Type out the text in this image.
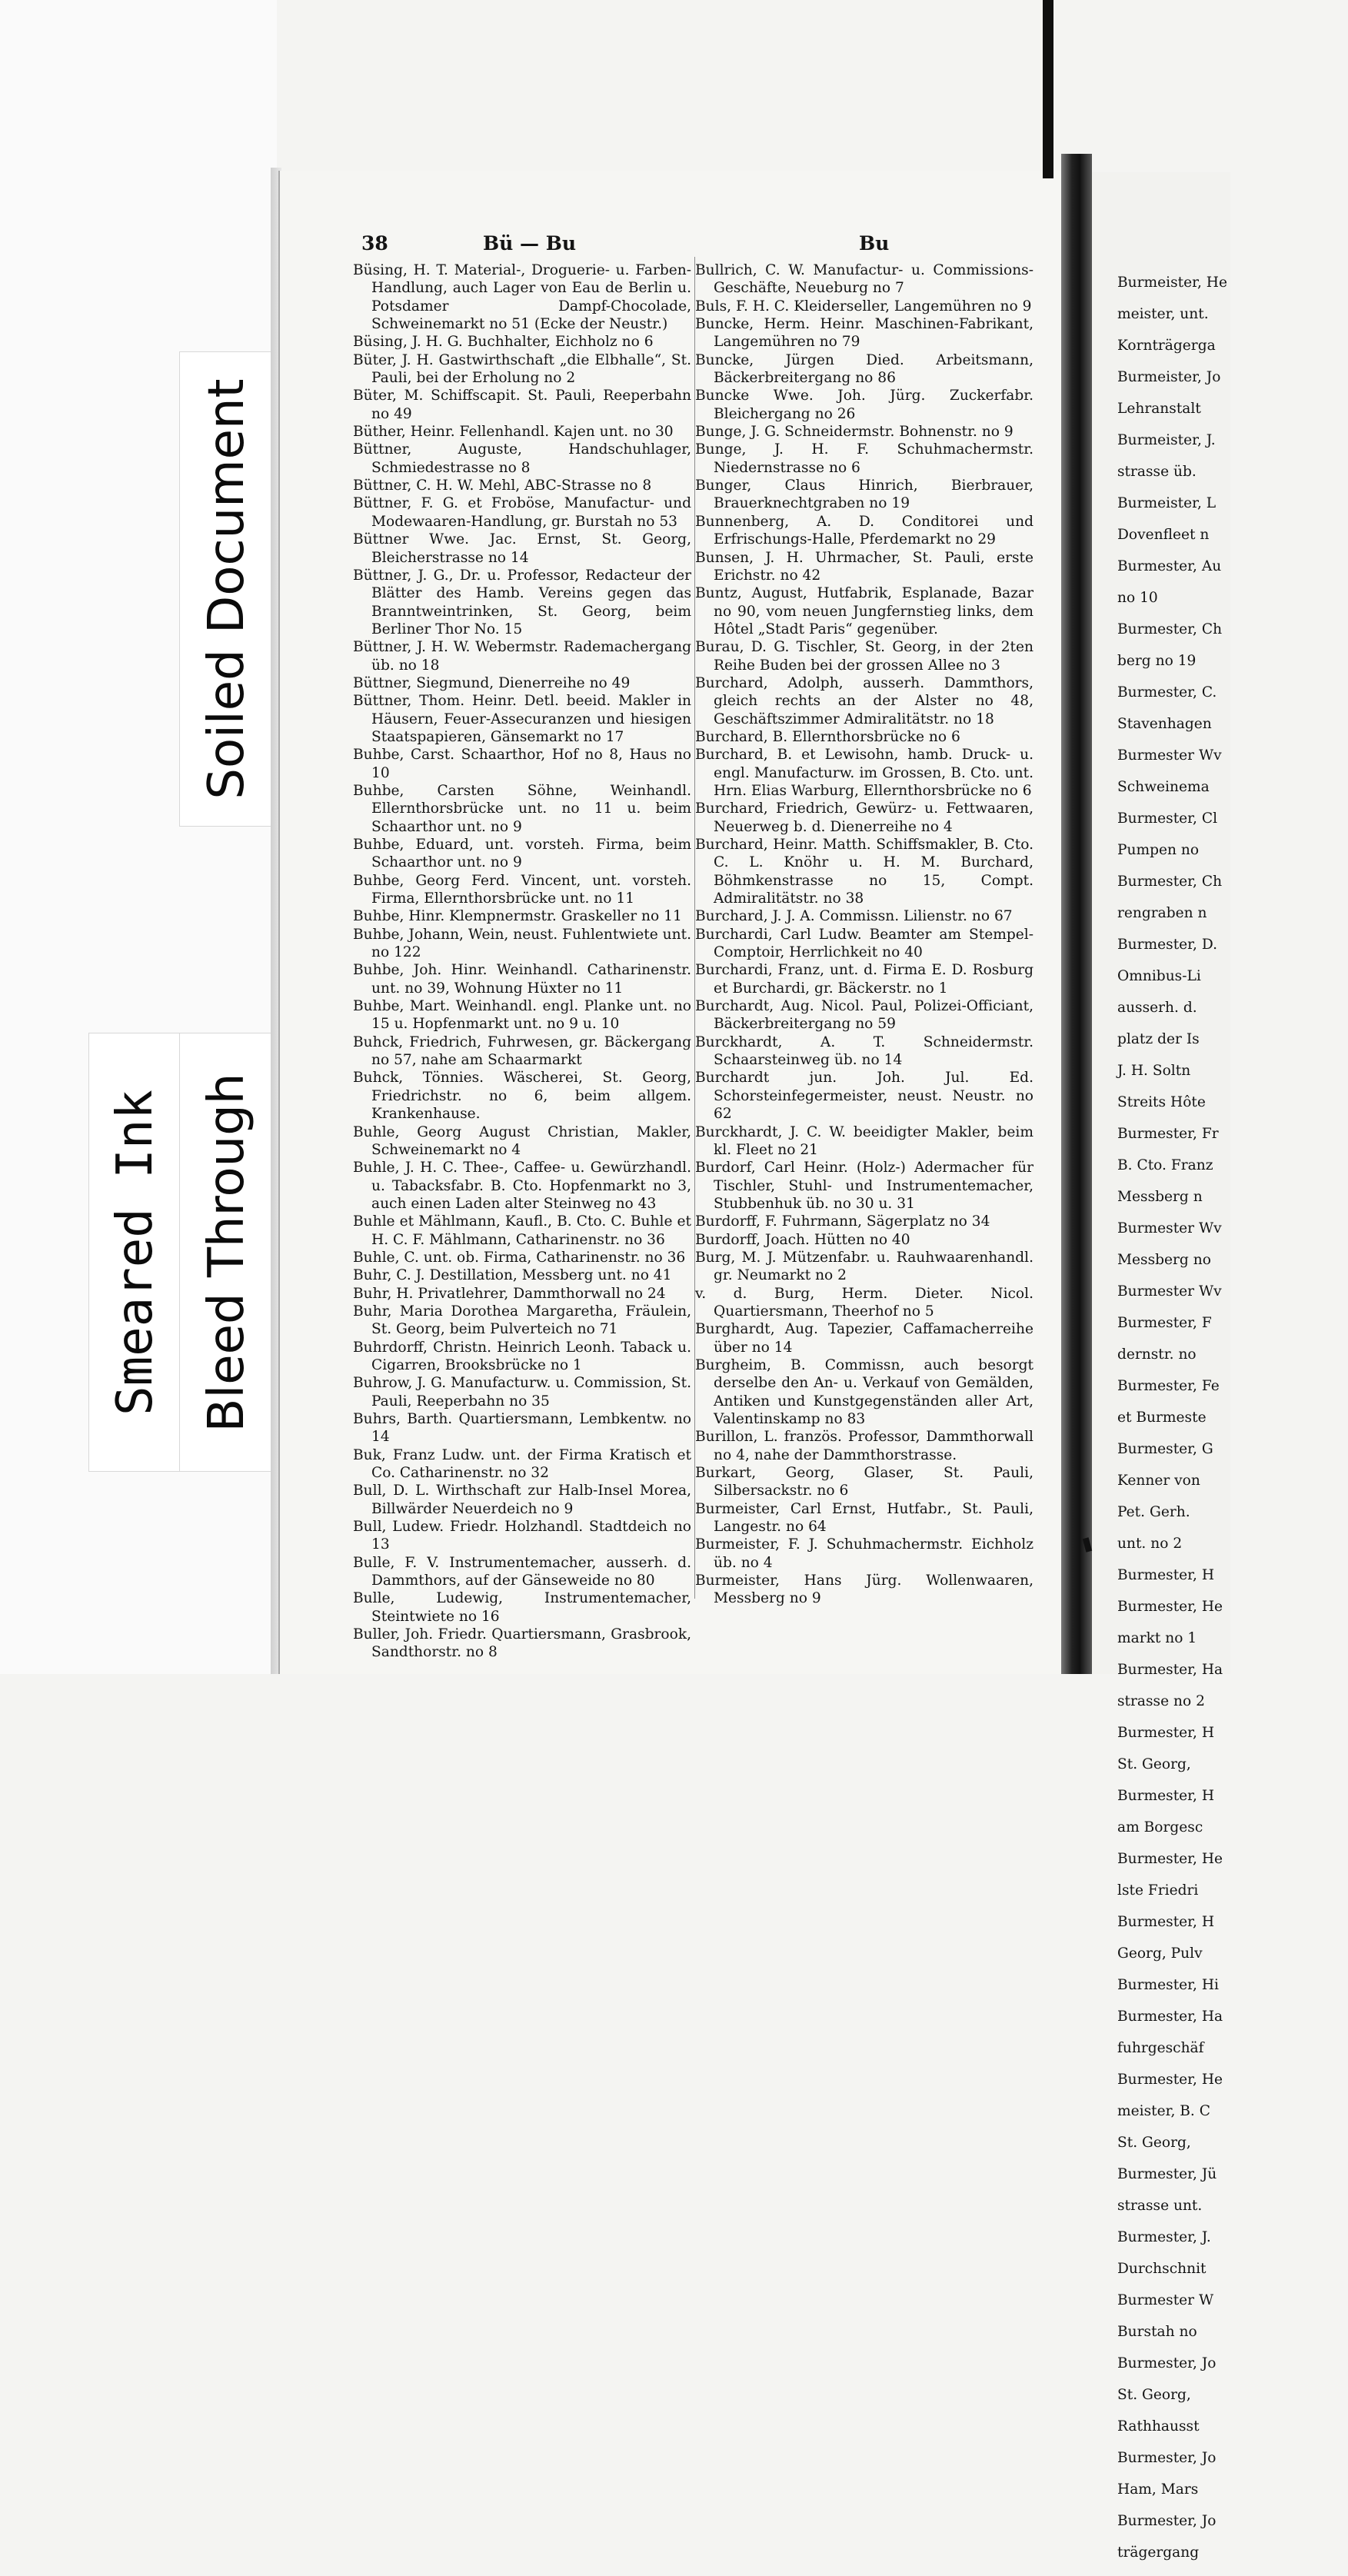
Soiled Document
Smeared Ink Bleed Through
38	Bü — Bu	Bu

Büsing, H. T. Material-, Droguerie- u. Farben-Handlung, auch Lager von Eau de Berlin u. Potsdamer Dampf-Chocolade, Schweinemarkt no 51 (Ecke der Neustr.)

Büsing, J. H. G. Buchhalter, Eichholz no 6

Büter, J. H. Gastwirthschaft „die Elbhalle“, St. Pauli, bei der Erholung no 2

Büter, M. Schiffscapit. St. Pauli, Reeperbahn no 49

Büther, Heinr. Fellenhandl. Kajen unt. no 30

Büttner, Auguste, Handschuhlager, Schmiedestrasse no 8

Büttner, C. H. W. Mehl, ABC-Strasse no 8

Büttner, F. G. et Froböse, Manufactur- und Modewaaren-Handlung, gr. Burstah no 53

Büttner Wwe. Jac. Ernst, St. Georg, Bleicherstrasse no 14

Büttner, J. G., Dr. u. Professor, Redacteur der Blätter des Hamb. Vereins gegen das Branntweintrinken, St. Georg, beim Berliner Thor No. 15

Büttner, J. H. W. Webermstr. Rademachergang üb. no 18

Büttner, Siegmund, Dienerreihe no 49

Büttner, Thom. Heinr. Detl. beeid. Makler in Häusern, Feuer-Assecuranzen und hiesigen Staatspapieren, Gänsemarkt no 17

Buhbe, Carst. Schaarthor, Hof no 8, Haus no 10

Buhbe, Carsten Söhne, Weinhandl. Ellernthorsbrücke unt. no 11 u. beim Schaarthor unt. no 9

Buhbe, Eduard, unt. vorsteh. Firma, beim Schaarthor unt. no 9

Buhbe, Georg Ferd. Vincent, unt. vorsteh. Firma, Ellernthorsbrücke unt. no 11

Buhbe, Hinr. Klempnermstr. Graskeller no 11

Buhbe, Johann, Wein, neust. Fuhlentwiete unt. no 122

Buhbe, Joh. Hinr. Weinhandl. Catharinenstr. unt. no 39, Wohnung Hüxter no 11

Buhbe, Mart. Weinhandl. engl. Planke unt. no 15 u. Hopfenmarkt unt. no 9 u. 10

Buhck, Friedrich, Fuhrwesen, gr. Bäckergang no 57, nahe am Schaarmarkt

Buhck, Tönnies. Wäscherei, St. Georg, Friedrichstr. no 6, beim allgem. Krankenhause.

Buhle, Georg August Christian, Makler, Schweinemarkt no 4

Buhle, J. H. C. Thee-, Caffee- u. Gewürzhandl. u. Tabacksfabr. B. Cto. Hopfenmarkt no 3, auch einen Laden alter Steinweg no 43

Buhle et Mählmann, Kaufl., B. Cto. C. Buhle et H. C. F. Mählmann, Catharinenstr. no 36

Buhle, C. unt. ob. Firma, Catharinenstr. no 36

Buhr, C. J. Destillation, Messberg unt. no 41

Buhr, H. Privatlehrer, Dammthorwall no 24

Buhr, Maria Dorothea Margaretha, Fräulein, St. Georg, beim Pulverteich no 71

Buhrdorff, Christn. Heinrich Leonh. Taback u. Cigarren, Brooksbrücke no 1

Buhrow, J. G. Manufacturw. u. Commission, St. Pauli, Reeperbahn no 35

Buhrs, Barth. Quartiersmann, Lembkentw. no 14

Buk, Franz Ludw. unt. der Firma Kratisch et Co. Catharinenstr. no 32

Bull, D. L. Wirthschaft zur Halb-Insel Morea, Billwärder Neuerdeich no 9

Bull, Ludew. Friedr. Holzhandl. Stadtdeich no 13

Bulle, F. V. Instrumentemacher, ausserh. d. Dammthors, auf der Gänseweide no 80

Bulle, Ludewig, Instrumentemacher, Steintwiete no 16

Buller, Joh. Friedr. Quartiersmann, Grasbrook, Sandthorstr. no 8

Bullrich, C. W. Manufactur- u. Commissions-Geschäfte, Neueburg no 7

Buls, F. H. C. Kleiderseller, Langemühren no 9

Buncke, Herm. Heinr. Maschinen-Fabrikant, Langemühren no 79

Buncke, Jürgen Died. Arbeitsmann, Bäckerbreitergang no 86

Buncke Wwe. Joh. Jürg. Zuckerfabr. Bleichergang no 26

Bunge, J. G. Schneidermstr. Bohnenstr. no 9

Bunge, J. H. F. Schuhmachermstr. Niedernstrasse no 6

Bunger, Claus Hinrich, Bierbrauer, Brauerknechtgraben no 19

Bunnenberg, A. D. Conditorei und Erfrischungs-Halle, Pferdemarkt no 29

Bunsen, J. H. Uhrmacher, St. Pauli, erste Erichstr. no 42

Buntz, August, Hutfabrik, Esplanade, Bazar no 90, vom neuen Jungfernstieg links, dem Hôtel „Stadt Paris“ gegenüber.

Burau, D. G. Tischler, St. Georg, in der 2ten Reihe Buden bei der grossen Allee no 3

Burchard, Adolph, ausserh. Dammthors, gleich rechts an der Alster no 48, Geschäftszimmer Admiralitätstr. no 18

Burchard, B. Ellernthorsbrücke no 6

Burchard, B. et Lewisohn, hamb. Druck- u. engl. Manufacturw. im Grossen, B. Cto. unt. Hrn. Elias Warburg, Ellernthorsbrücke no 6

Burchard, Friedrich, Gewürz- u. Fettwaaren, Neuerweg b. d. Dienerreihe no 4

Burchard, Heinr. Matth. Schiffsmakler, B. Cto. C. L. Knöhr u. H. M. Burchard, Böhmkenstrasse no 15, Compt. Admiralitätstr. no 38

Burchard, J. J. A. Commissn. Lilienstr. no 67

Burchardi, Carl Ludw. Beamter am Stempel-Comptoir, Herrlichkeit no 40

Burchardi, Franz, unt. d. Firma E. D. Rosburg et Burchardi, gr. Bäckerstr. no 1

Burchardt, Aug. Nicol. Paul, Polizei-Officiant, Bäckerbreitergang no 59

Burckhardt, A. T. Schneidermstr. Schaarsteinweg üb. no 14

Burchardt jun. Joh. Jul. Ed. Schorsteinfegermeister, neust. Neustr. no 62

Burckhardt, J. C. W. beeidigter Makler, beim kl. Fleet no 21

Burdorf, Carl Heinr. (Holz-) Adermacher für Tischler, Stuhl- und Instrumentemacher, Stubbenhuk üb. no 30 u. 31

Burdorff, F. Fuhrmann, Sägerplatz no 34

Burdorff, Joach. Hütten no 40

Burg, M. J. Mützenfabr. u. Rauhwaarenhandl. gr. Neumarkt no 2

v. d. Burg, Herm. Dieter. Nicol. Quartiersmann, Theerhof no 5

Burghardt, Aug. Tapezier, Caffamacherreihe über no 14

Burgheim, B. Commissn, auch besorgt derselbe den An- u. Verkauf von Gemälden, Antiken und Kunstgegenständen aller Art, Valentinskamp no 83

Burillon, L. französ. Professor, Dammthorwall no 4, nahe der Dammthorstrasse.

Burkart, Georg, Glaser, St. Pauli, Silbersackstr. no 6

Burmeister, Carl Ernst, Hutfabr., St. Pauli, Langestr. no 64

Burmeister, F. J. Schuhmachermstr. Eichholz üb. no 4

Burmeister, Hans Jürg. Wollenwaaren, Messberg no 9

Burmeister, He

meister, unt.

Kornträgerga

Burmeister, Jo

Lehranstalt

Burmeister, J.

strasse üb.

Burmeister, L

Dovenfleet n

Burmester, Au

no 10

Burmester, Ch

berg no 19

Burmester, C.

Stavenhagen

Burmester Wv

Schweinema

Burmester, Cl

Pumpen no

Burmester, Ch

rengraben n

Burmester, D.

Omnibus-Li

ausserh. d.

platz der Is

J. H. Soltn

Streits Hôte

Burmester, Fr

B. Cto. Franz

Messberg n

Burmester Wv

Messberg no

Burmester Wv

Burmester, F

dernstr. no

Burmester, Fe

et Burmeste

Burmester, G

Kenner von

Pet. Gerh.

unt. no 2

Burmester, H

Burmester, He

markt no 1

Burmester, Ha

strasse no 2

Burmester, H

St. Georg,

Burmester, H

am Borgesc

Burmester, He

lste Friedri

Burmester, H

Georg, Pulv

Burmester, Hi

Burmester, Ha

fuhrgeschäf

Burmester, He

meister, B. C

St. Georg,

Burmester, Jü

strasse unt.

Burmester, J.

Durchschnit

Burmester W

Burstah no

Burmester, Jo

St. Georg,

Rathhausst

Burmester, Jo

Ham, Mars

Burmester, Jo

trägergang
